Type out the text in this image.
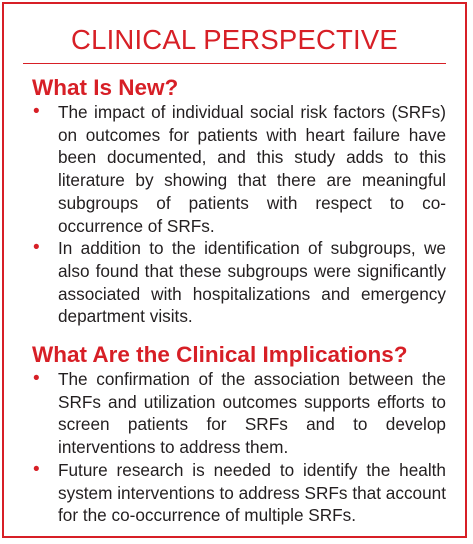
CLINICAL PERSPECTIVE
What Is New?
• The impact of individual social risk factors (SRFs) on outcomes for patients with heart failure have been documented, and this study adds to this literature by showing that there are meaningful subgroups of patients with respect to co-occurrence of SRFs.
• In addition to the identification of subgroups, we also found that these subgroups were significantly associated with hospitalizations and emergency department visits.
What Are the Clinical Implications?
• The confirmation of the association between the SRFs and utilization outcomes supports efforts to screen patients for SRFs and to develop interventions to address them.
• Future research is needed to identify the health system interventions to address SRFs that account for the co-occurrence of multiple SRFs.
